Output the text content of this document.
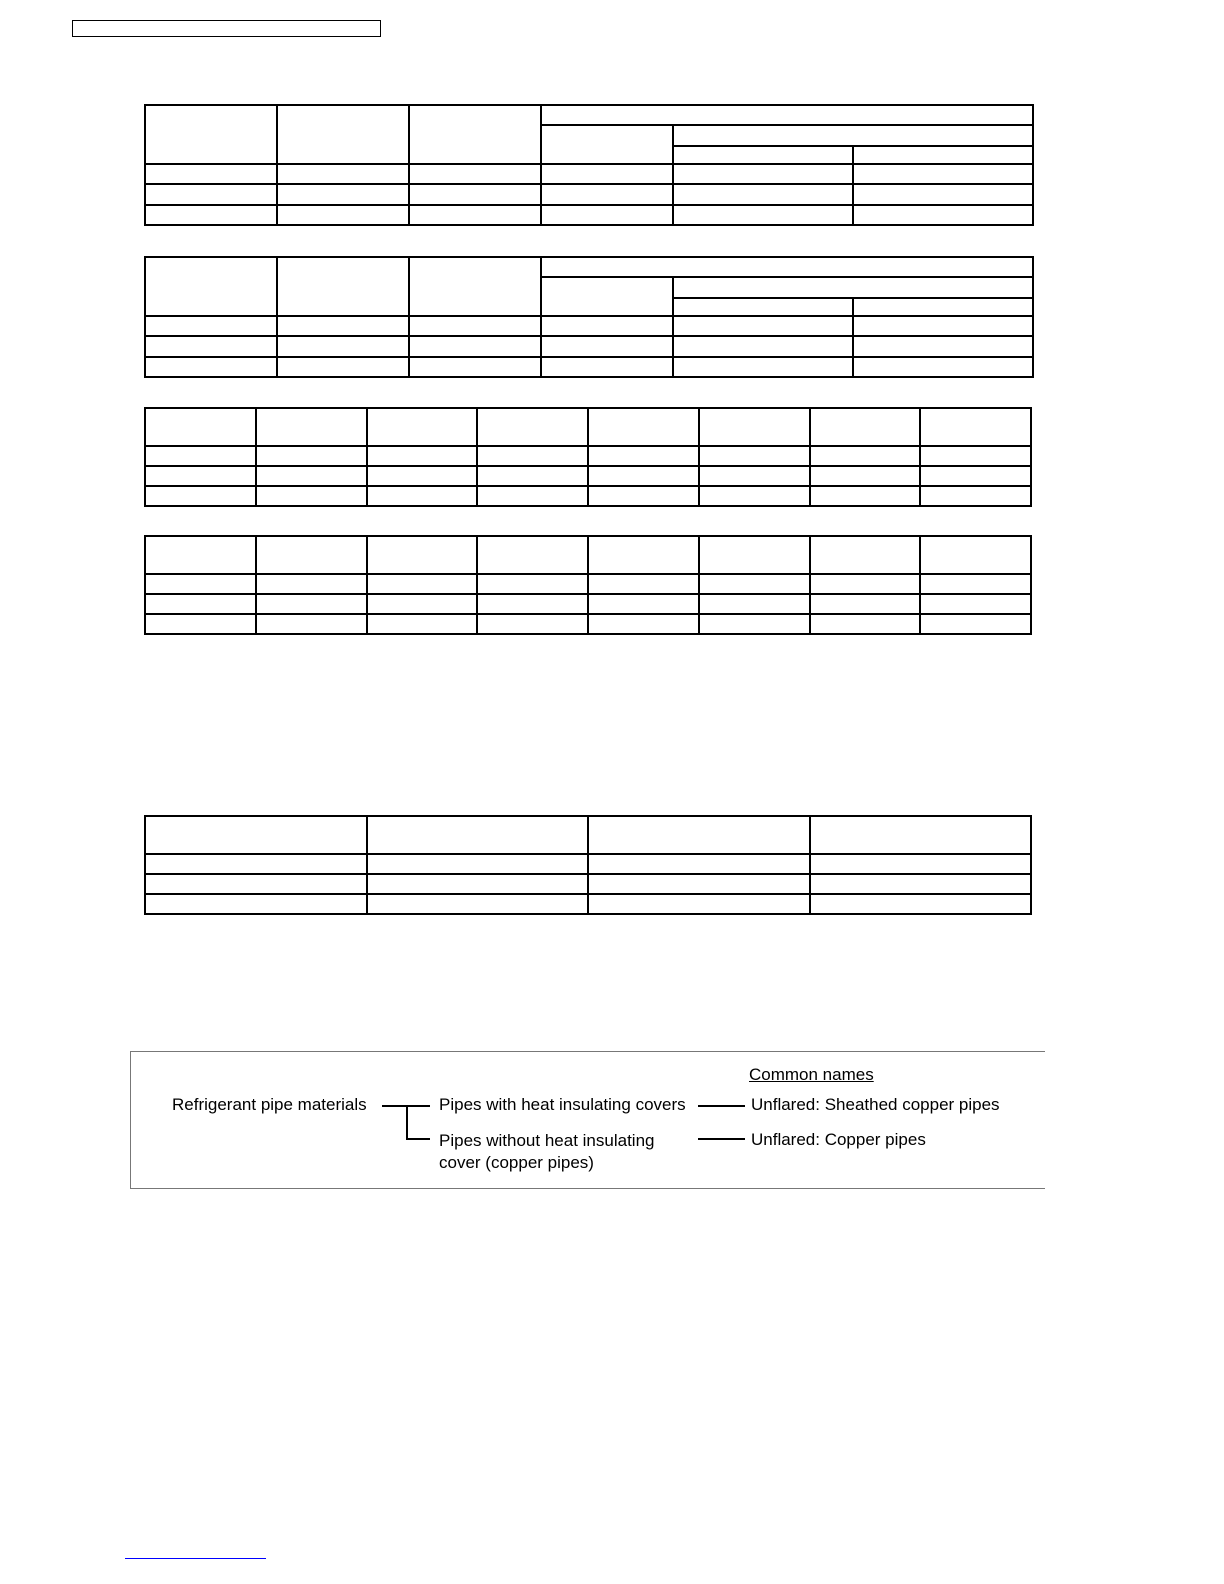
Common names
Refrigerant pipe materials	Pipes with heat insulating covers
Pipes without heat insulating cover (copper pipes)
Unflared: Sheathed copper pipes
Unflared: Copper pipes
